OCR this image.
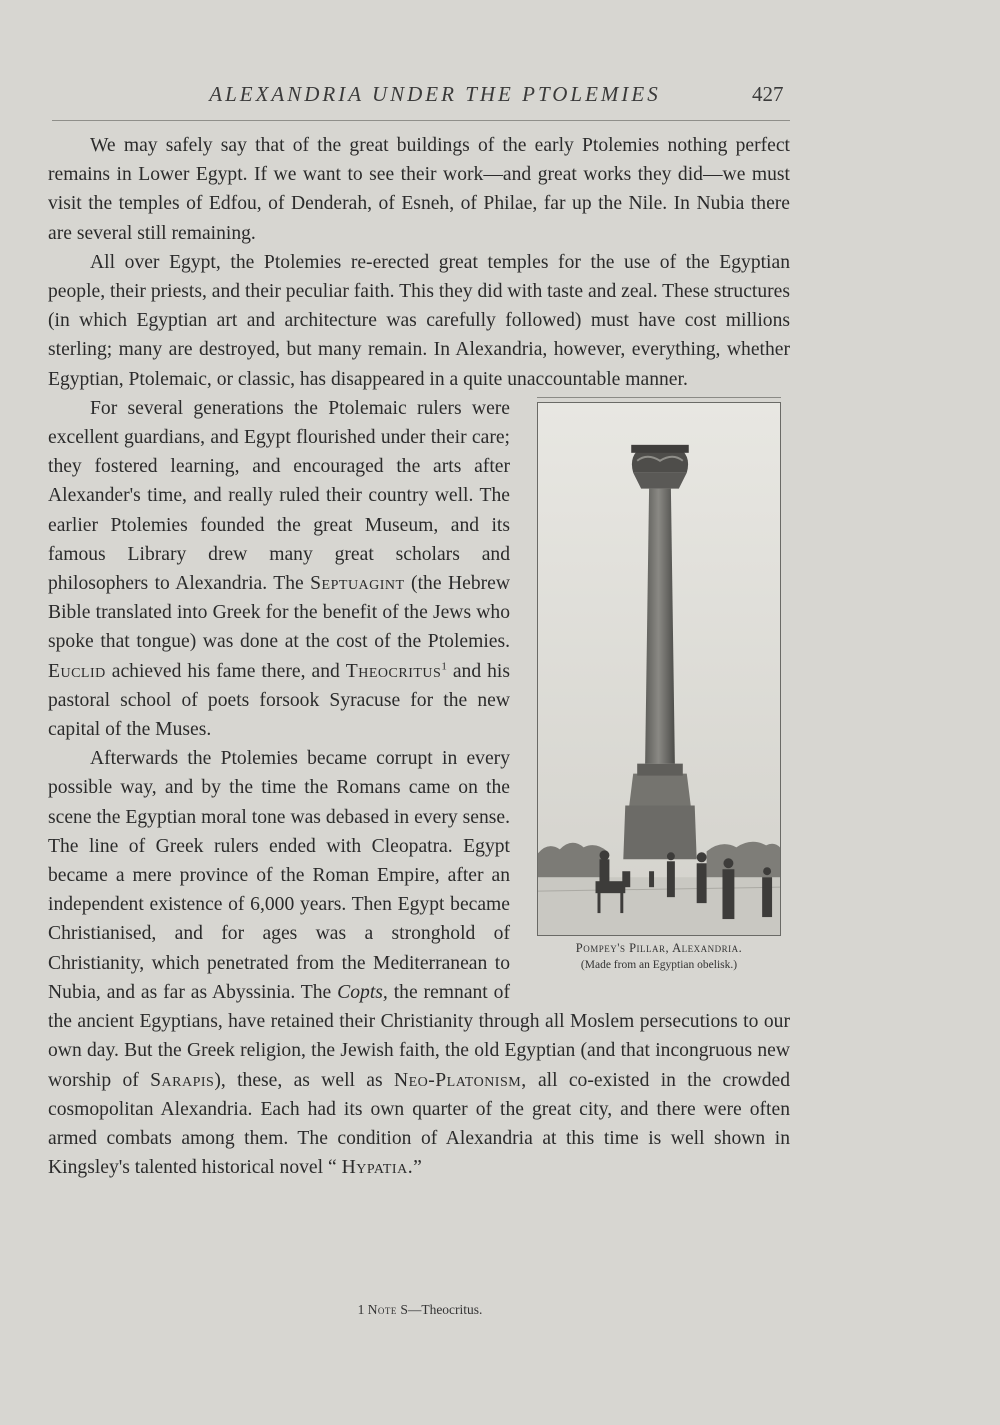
ALEXANDRIA UNDER THE PTOLEMIES	427

We may safely say that of the great buildings of the early Ptolemies nothing perfect remains in Lower Egypt. If we want to see their work—and great works they did—we must visit the temples of Edfou, of Denderah, of Esneh, of Philae, far up the Nile. In Nubia there are several still remaining.

All over Egypt, the Ptolemies re-erected great temples for the use of the Egyptian people, their priests, and their peculiar faith. This they did with taste and zeal. These structures (in which Egyptian art and architecture was carefully followed) must have cost millions sterling; many are destroyed, but many remain. In Alexandria, however, everything, whether Egyptian, Ptolemaic, or classic, has disappeared in a quite unaccountable manner.

Pompey's Pillar, Alexandria.
(Made from an Egyptian obelisk.)

For several generations the Ptolemaic rulers were excellent guardians, and Egypt flourished under their care; they fostered learning, and encouraged the arts after Alexander's time, and really ruled their country well. The earlier Ptolemies founded the great Museum, and its famous Library drew many great scholars and philosophers to Alexandria. The Septuagint (the Hebrew Bible translated into Greek for the benefit of the Jews who spoke that tongue) was done at the cost of the Ptolemies. Euclid achieved his fame there, and Theocritus$^1$ and his pastoral school of poets forsook Syracuse for the new capital of the Muses.

Afterwards the Ptolemies became corrupt in every possible way, and by the time the Romans came on the scene the Egyptian moral tone was debased in every sense. The line of Greek rulers ended with Cleopatra. Egypt became a mere province of the Roman Empire, after an independent existence of 6,000 years. Then Egypt became Christianised, and for ages was a stronghold of Christianity, which penetrated from the Mediterranean to Nubia, and as far as Abyssinia. The Copts, the remnant of the ancient Egyptians, have retained their Christianity through all Moslem persecutions to our own day. But the Greek religion, the Jewish faith, the old Egyptian (and that incongruous new worship of Sarapis), these, as well as Neo-Platonism, all co-existed in the crowded cosmopolitan Alexandria. Each had its own quarter of the great city, and there were often armed combats among them. The condition of Alexandria at this time is well shown in Kingsley's talented historical novel “ Hypatia.”

1 Note S—Theocritus.
